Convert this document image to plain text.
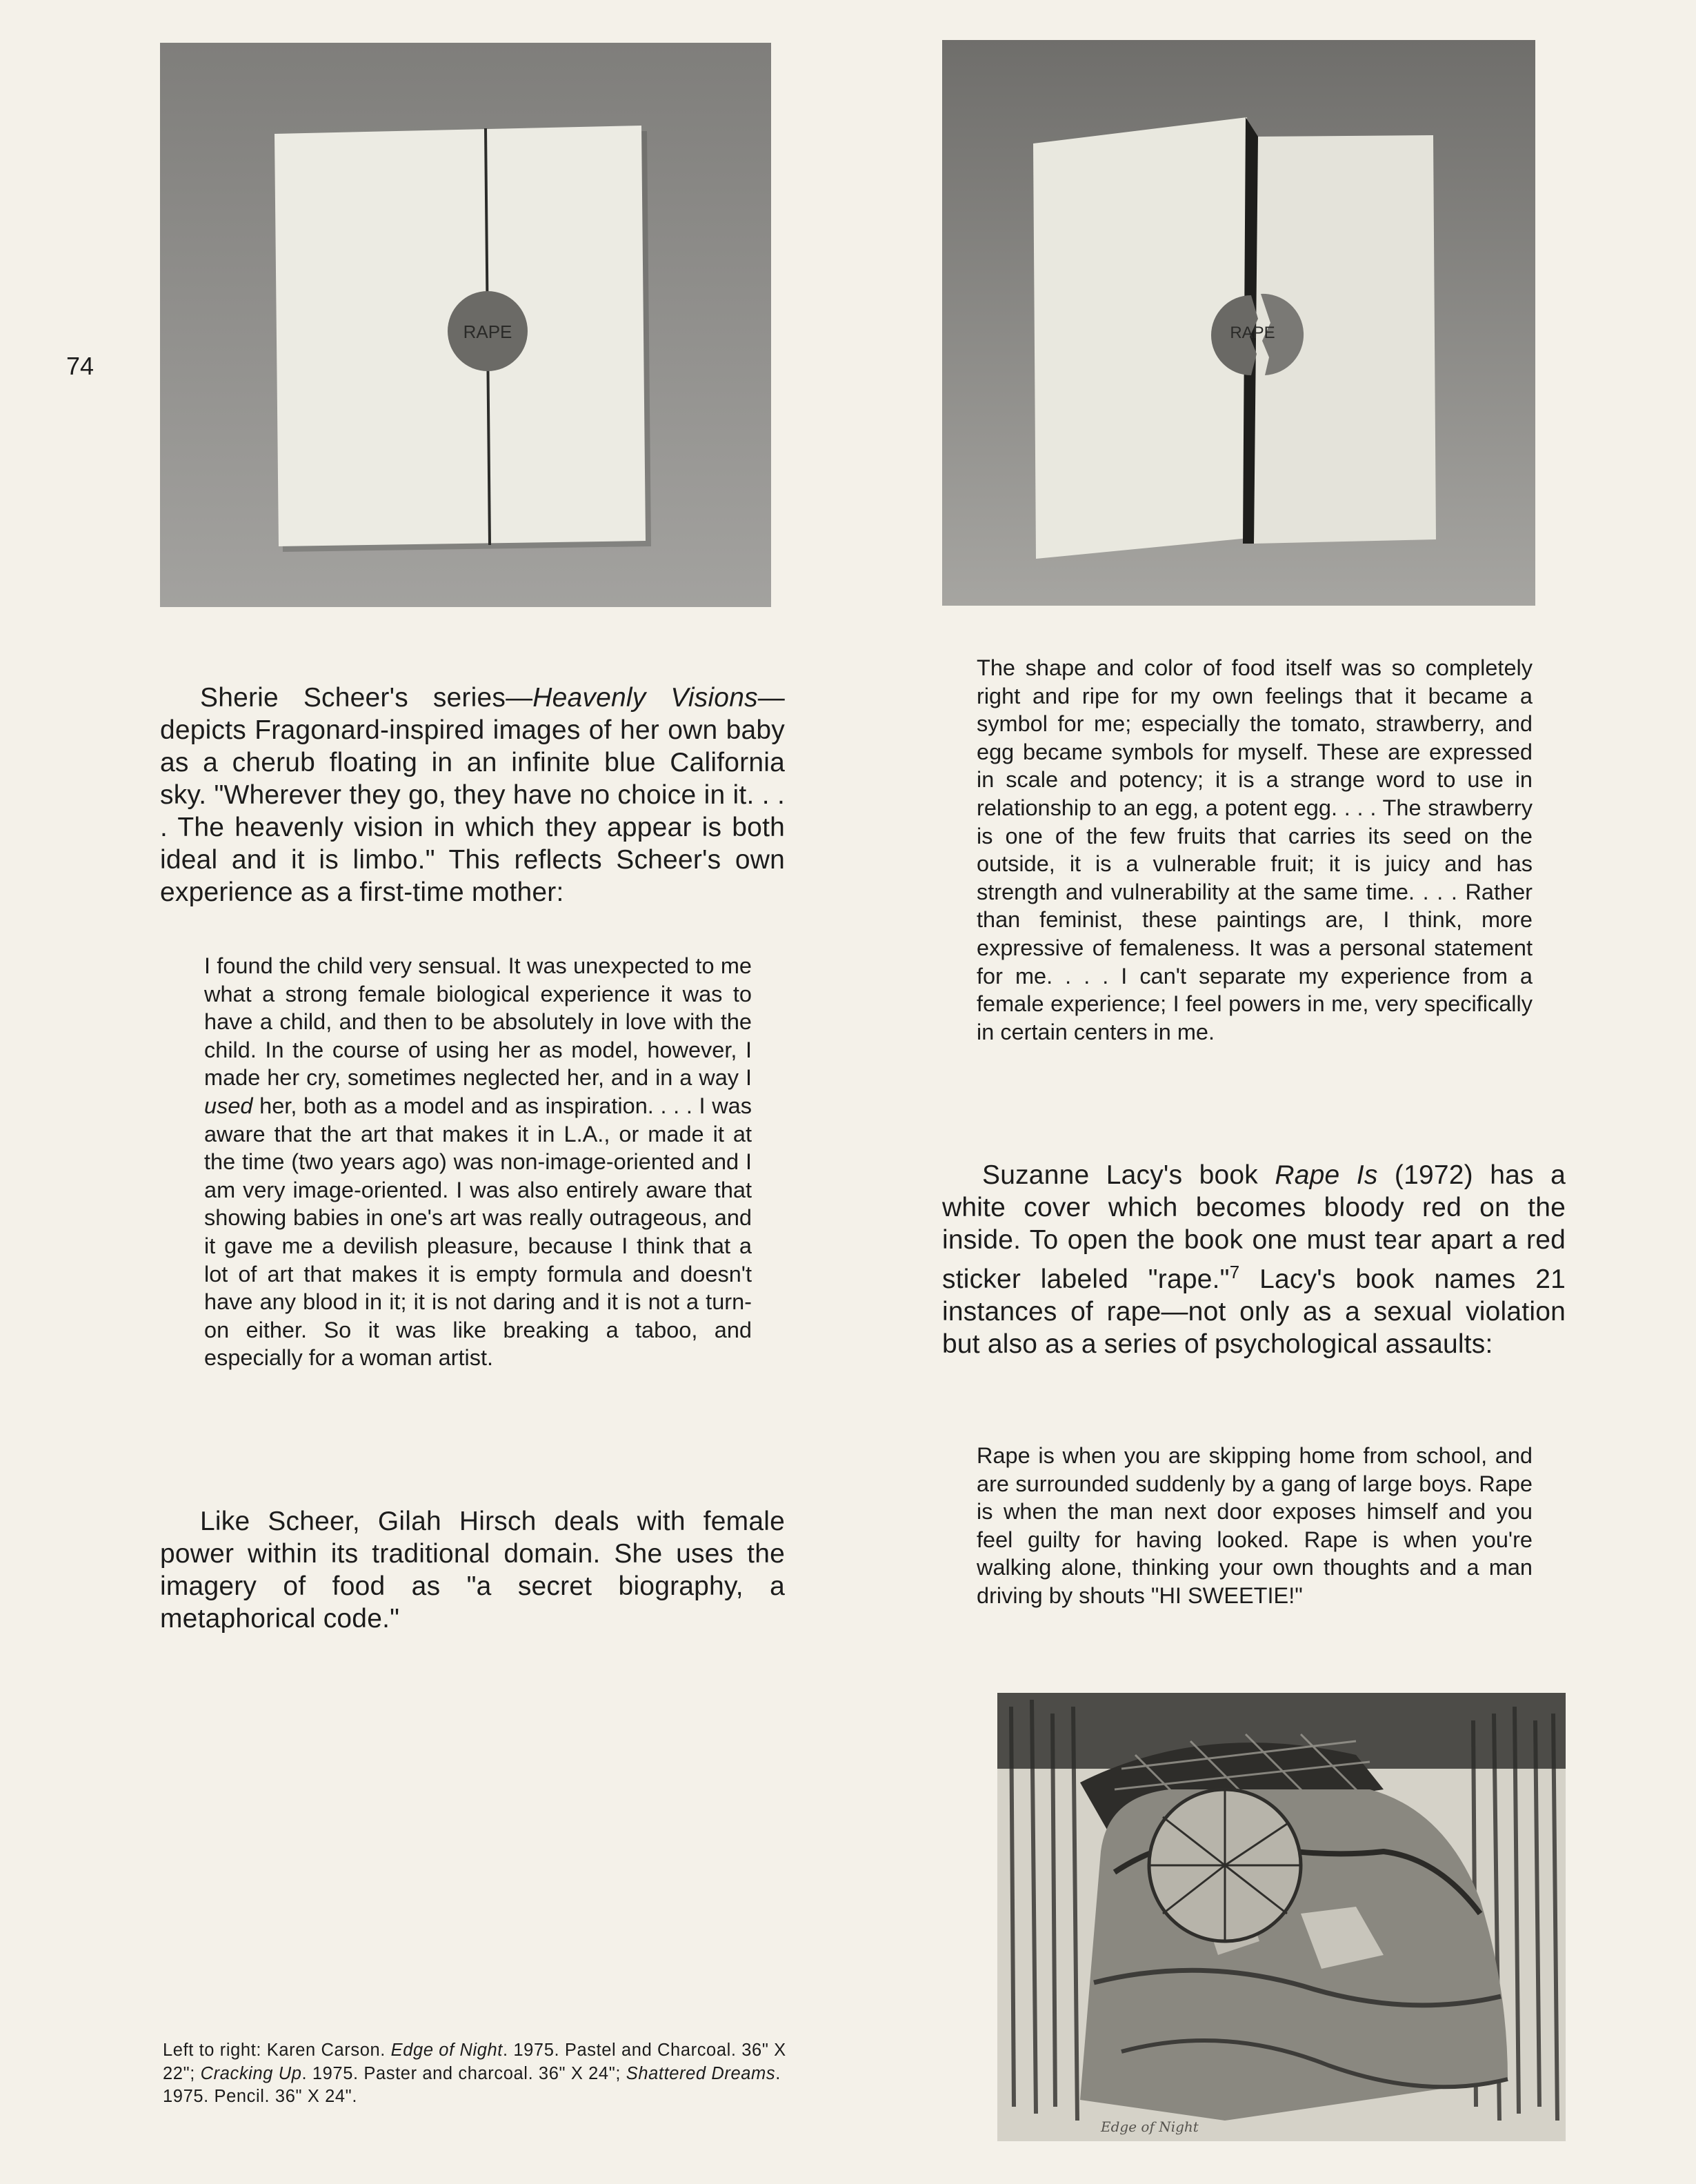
74
RAPE	RAPE

Sherie Scheer's series—Heavenly Visions—depicts Fragonard-inspired images of her own baby as a cherub floating in an infinite blue California sky. "Wherever they go, they have no choice in it. . . . The heavenly vision in which they appear is both ideal and it is limbo." This reflects Scheer's own experience as a first-time mother:

I found the child very sensual. It was unexpected to me what a strong female biological experience it was to have a child, and then to be absolutely in love with the child. In the course of using her as model, however, I made her cry, sometimes neglected her, and in a way I used her, both as a model and as inspiration. . . . I was aware that the art that makes it in L.A., or made it at the time (two years ago) was non-image-oriented and I am very image-oriented. I was also entirely aware that showing babies in one's art was really outrageous, and it gave me a devilish pleasure, because I think that a lot of art that makes it is empty formula and doesn't have any blood in it; it is not daring and it is not a turn-on either. So it was like breaking a taboo, and especially for a woman artist.

Like Scheer, Gilah Hirsch deals with female power within its traditional domain. She uses the imagery of food as "a secret biography, a metaphorical code."

The shape and color of food itself was so completely right and ripe for my own feelings that it became a symbol for me; especially the tomato, strawberry, and egg became symbols for myself. These are expressed in scale and potency; it is a strange word to use in relationship to an egg, a potent egg. . . . The strawberry is one of the few fruits that carries its seed on the outside, it is a vulnerable fruit; it is juicy and has strength and vulnerability at the same time. . . . Rather than feminist, these paintings are, I think, more expressive of femaleness. It was a personal statement for me. . . . I can't separate my experience from a female experience; I feel powers in me, very specifically in certain centers in me.

Suzanne Lacy's book Rape Is (1972) has a white cover which becomes bloody red on the inside. To open the book one must tear apart a red sticker labeled "rape."$^7$ Lacy's book names 21 instances of rape—not only as a sexual violation but also as a series of psychological assaults:

Rape is when you are skipping home from school, and are surrounded suddenly by a gang of large boys. Rape is when the man next door exposes himself and you feel guilty for having looked. Rape is when you're walking alone, thinking your own thoughts and a man driving by shouts "HI SWEETIE!"

Edge of Night

Left to right: Karen Carson. Edge of Night. 1975. Pastel and Charcoal. 36" X 22"; Cracking Up. 1975. Paster and charcoal. 36" X 24"; Shattered Dreams. 1975. Pencil. 36" X 24".
